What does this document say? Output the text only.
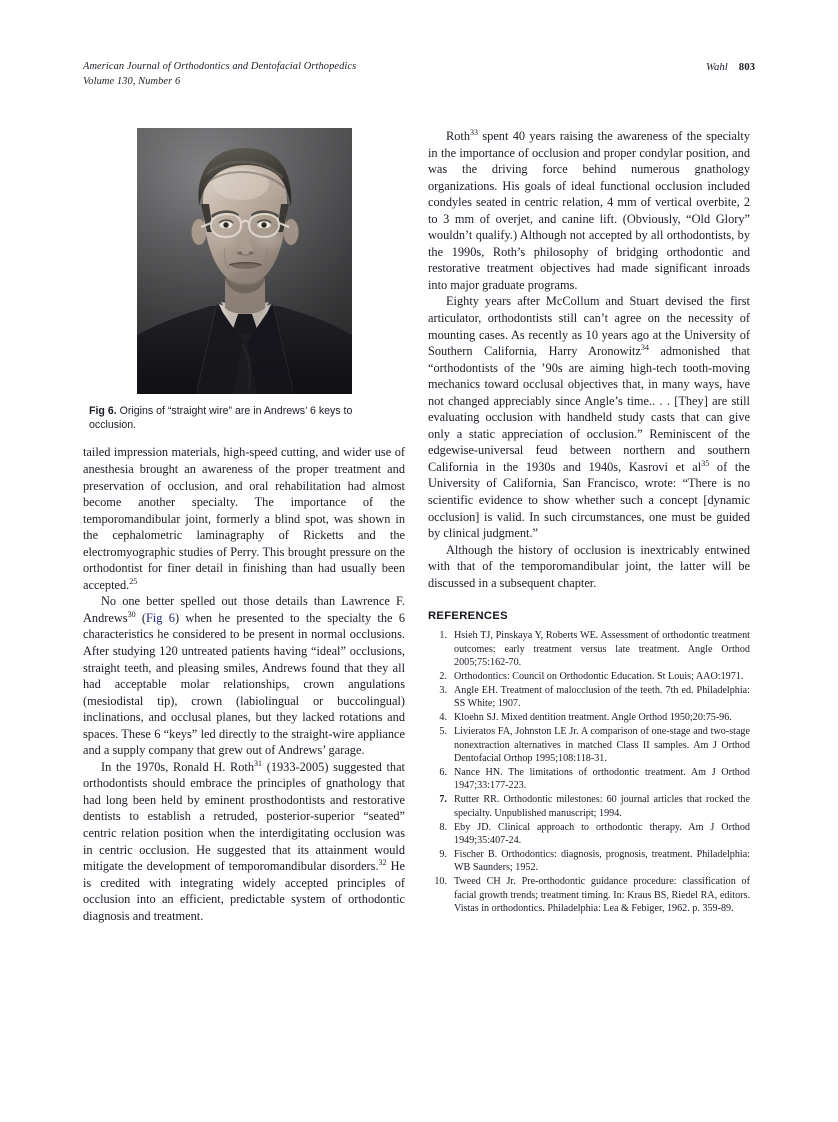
American Journal of Orthodontics and Dentofacial Orthopedics
Volume 130, Number 6
Wahl 803
Fig 6. Origins of “straight wire” are in Andrews’ 6 keys to occlusion.

tailed impression materials, high-speed cutting, and wider use of anesthesia brought an awareness of the proper treatment and preservation of occlusion, and oral rehabilitation had almost become another specialty. The importance of the temporomandibular joint, formerly a blind spot, was shown in the cephalometric laminagraphy of Ricketts and the electromyographic studies of Perry. This brought pressure on the orthodontist for finer detail in finishing than had usually been accepted.$^{25}$

No one better spelled out those details than Lawrence F. Andrews$^{30}$ (Fig 6) when he presented to the specialty the 6 characteristics he considered to be present in normal occlusions. After studying 120 untreated patients having “ideal” occlusions, straight teeth, and pleasing smiles, Andrews found that they all had acceptable molar relationships, crown angulations (mesiodistal tip), crown (labiolingual or buccolingual) inclinations, and occlusal planes, but they lacked rotations and spaces. These 6 “keys” led directly to the straight-wire appliance and a supply company that grew out of Andrews’ garage.

In the 1970s, Ronald H. Roth$^{31}$ (1933-2005) suggested that orthodontists should embrace the principles of gnathology that had long been held by eminent prosthodontists and restorative dentists to establish a retruded, posterior-superior “seated” centric relation position when the interdigitating occlusion was in centric occlusion. He suggested that its attainment would mitigate the development of temporomandibular disorders.$^{32}$ He is credited with integrating widely accepted principles of occlusion into an efficient, predictable system of orthodontic diagnosis and treatment.

Roth$^{33}$ spent 40 years raising the awareness of the specialty in the importance of occlusion and proper condylar position, and was the driving force behind numerous gnathology organizations. His goals of ideal functional occlusion included condyles seated in centric relation, 4 mm of vertical overbite, 2 to 3 mm of overjet, and canine lift. (Obviously, “Old Glory” wouldn’t qualify.) Although not accepted by all orthodontists, by the 1990s, Roth’s philosophy of bridging orthodontic and restorative treatment objectives had made significant inroads into major graduate programs.

Eighty years after McCollum and Stuart devised the first articulator, orthodontists still can’t agree on the necessity of mounting cases. As recently as 10 years ago at the University of Southern California, Harry Aronowitz$^{34}$ admonished that “orthodontists of the ’90s are aiming high-tech tooth-moving mechanics toward occlusal objectives that, in many ways, have not changed appreciably since Angle’s time.. . . [They] are still evaluating occlusion with handheld study casts that can give only a static appreciation of occlusion.” Reminiscent of the edgewise-universal feud between northern and southern California in the 1930s and 1940s, Kasrovi et $al^{35}$ of the University of California, San Francisco, wrote: “There is no scientific evidence to show whether such a concept [dynamic occlusion] is valid. In such circumstances, one must be guided by clinical judgment.”

Although the history of occlusion is inextricably entwined with that of the temporomandibular joint, the latter will be discussed in a subsequent chapter.

REFERENCES
1. Hsieh TJ, Pinskaya Y, Roberts WE. Assessment of orthodontic treatment outcomes: early treatment versus late treatment. Angle Orthod 2005;75:162-70.
2. Orthodontics: Council on Orthodontic Education. St Louis; AAO:1971.
3. Angle EH. Treatment of malocclusion of the teeth. 7th ed. Philadelphia: SS White; 1907.
4. Kloehn SJ. Mixed dentition treatment. Angle Orthod 1950;20:75-96.
5. Livieratos FA, Johnston LE Jr. A comparison of one-stage and two-stage nonextraction alternatives in matched Class II samples. Am J Orthod Dentofacial Orthop 1995;108:118-31.
6. Nance HN. The limitations of orthodontic treatment. Am J Orthod 1947;33:177-223.
7. Rutter RR. Orthodontic milestones: 60 journal articles that rocked the specialty. Unpublished manuscript; 1994.
8. Eby JD. Clinical approach to orthodontic therapy. Am J Orthod 1949;35:407-24.
9. Fischer B. Orthodontics: diagnosis, prognosis, treatment. Philadelphia: WB Saunders; 1952.
10. Tweed CH Jr. Pre-orthodontic guidance procedure: classification of facial growth trends; treatment timing. In: Kraus BS, Riedel RA, editors. Vistas in orthodontics. Philadelphia: Lea & Febiger, 1962. p. 359-89.
